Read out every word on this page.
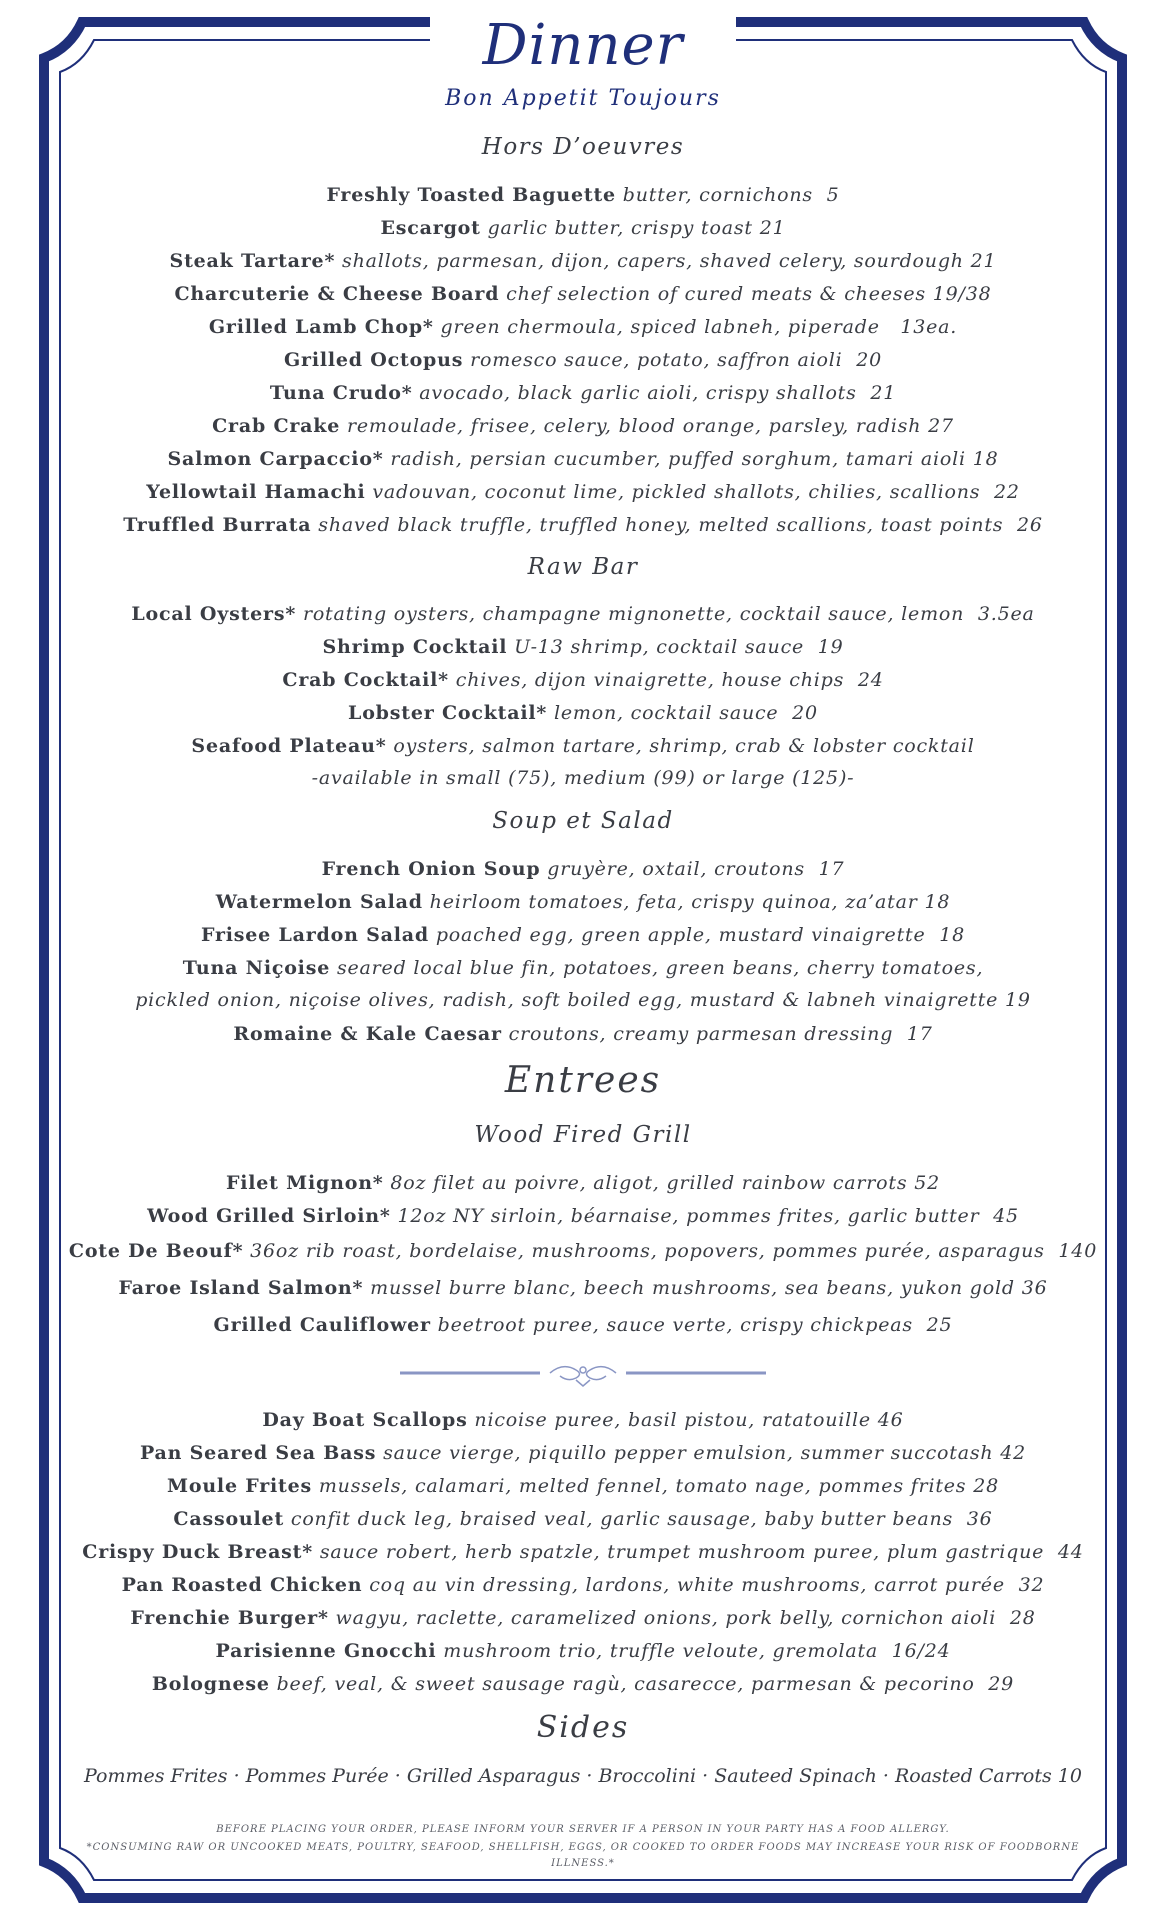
Dinner
Bon Appetit Toujours
Hors D’oeuvres
Freshly Toasted Baguette butter, cornichons 5
Escargot garlic butter, crispy toast 21
Steak Tartare* shallots, parmesan, dijon, capers, shaved celery, sourdough 21
Charcuterie & Cheese Board chef selection of cured meats & cheeses 19/38
Grilled Lamb Chop* green chermoula, spiced labneh, piperade 13ea.
Grilled Octopus romesco sauce, potato, saffron aioli 20
Tuna Crudo* avocado, black garlic aioli, crispy shallots 21
Crab Crake remoulade, frisee, celery, blood orange, parsley, radish 27
Salmon Carpaccio* radish, persian cucumber, puffed sorghum, tamari aioli 18
Yellowtail Hamachi vadouvan, coconut lime, pickled shallots, chilies, scallions 22
Truffled Burrata shaved black truffle, truffled honey, melted scallions, toast points 26
Raw Bar
Local Oysters* rotating oysters, champagne mignonette, cocktail sauce, lemon 3.5ea
Shrimp Cocktail U-13 shrimp, cocktail sauce 19
Crab Cocktail* chives, dijon vinaigrette, house chips 24
Lobster Cocktail* lemon, cocktail sauce 20
Seafood Plateau* oysters, salmon tartare, shrimp, crab & lobster cocktail
-available in small (75), medium (99) or large (125)-
Soup et Salad
French Onion Soup gruyère, oxtail, croutons 17
Watermelon Salad heirloom tomatoes, feta, crispy quinoa, za’atar 18
Frisee Lardon Salad poached egg, green apple, mustard vinaigrette 18
Tuna Niçoise seared local blue fin, potatoes, green beans, cherry tomatoes,
pickled onion, niçoise olives, radish, soft boiled egg, mustard & labneh vinaigrette 19
Romaine & Kale Caesar croutons, creamy parmesan dressing 17
Entrees
Wood Fired Grill
Filet Mignon* 8oz filet au poivre, aligot, grilled rainbow carrots 52
Wood Grilled Sirloin* 12oz NY sirloin, béarnaise, pommes frites, garlic butter 45
Cote De Beouf* 36oz rib roast, bordelaise, mushrooms, popovers, pommes purée, asparagus 140
Faroe Island Salmon* mussel burre blanc, beech mushrooms, sea beans, yukon gold 36
Grilled Cauliflower beetroot puree, sauce verte, crispy chickpeas 25
Day Boat Scallops nicoise puree, basil pistou, ratatouille 46
Pan Seared Sea Bass sauce vierge, piquillo pepper emulsion, summer succotash 42
Moule Frites mussels, calamari, melted fennel, tomato nage, pommes frites 28
Cassoulet confit duck leg, braised veal, garlic sausage, baby butter beans 36
Crispy Duck Breast* sauce robert, herb spatzle, trumpet mushroom puree, plum gastrique 44
Pan Roasted Chicken coq au vin dressing, lardons, white mushrooms, carrot purée 32
Frenchie Burger* wagyu, raclette, caramelized onions, pork belly, cornichon aioli 28
Parisienne Gnocchi mushroom trio, truffle veloute, gremolata 16/24
Bolognese beef, veal, & sweet sausage ragù, casarecce, parmesan & pecorino 29
Sides
Pommes Frites · Pommes Purée · Grilled Asparagus · Broccolini · Sauteed Spinach · Roasted Carrots 10
BEFORE PLACING YOUR ORDER, PLEASE INFORM YOUR SERVER IF A PERSON IN YOUR PARTY HAS A FOOD ALLERGY.
*CONSUMING RAW OR UNCOOKED MEATS, POULTRY, SEAFOOD, SHELLFISH, EGGS, OR COOKED TO ORDER FOODS MAY INCREASE YOUR RISK OF FOODBORNE ILLNESS.*
